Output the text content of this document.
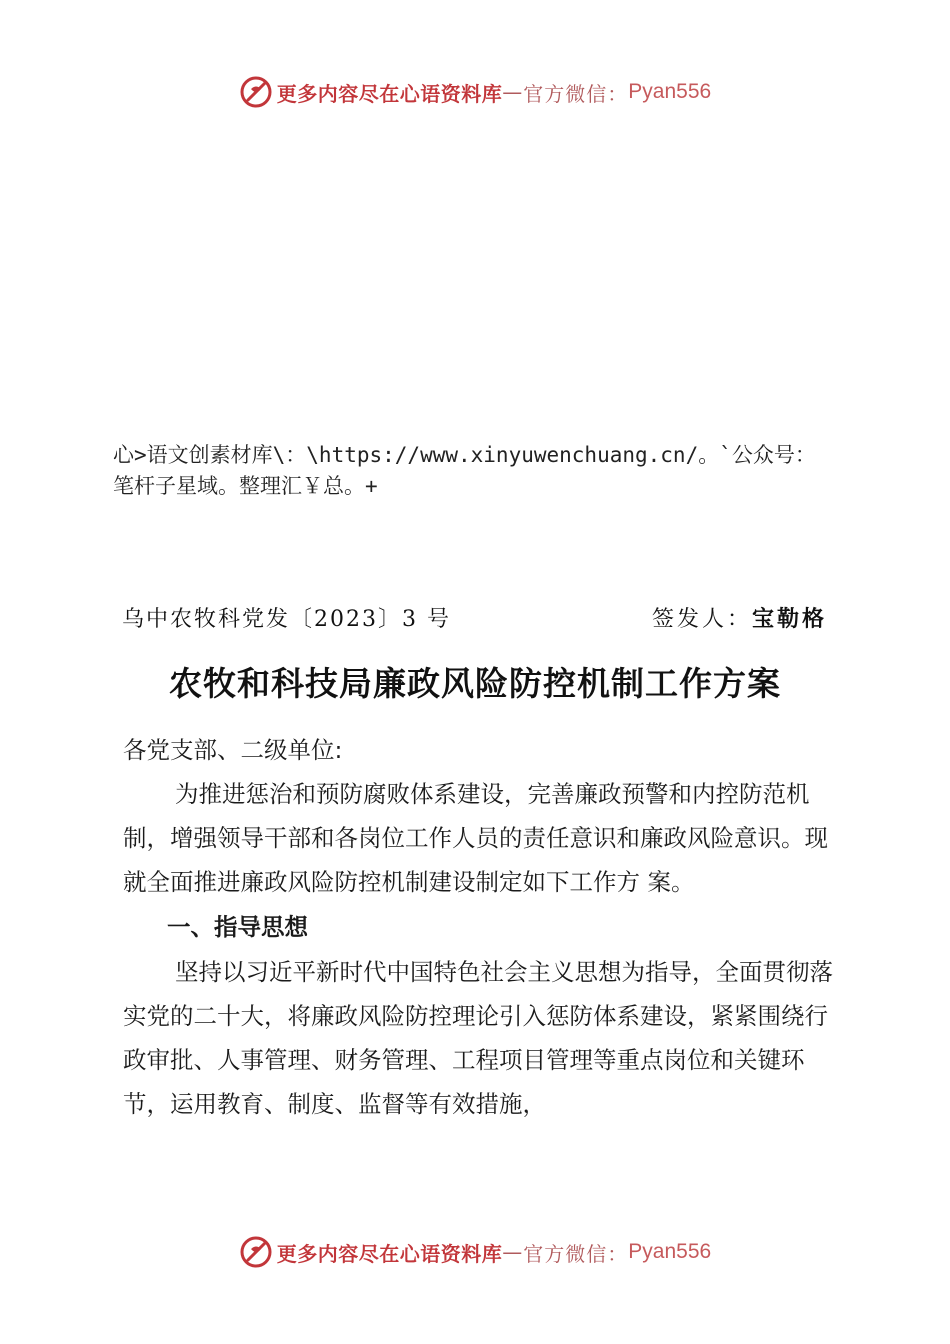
更多内容尽在心语资料库 — 官方微信： Pyan556
心>语文创素材库\：\https://www.xinyuwenchuang.cn/。`公众号：
笔杆子星域。整理汇￥总。+
乌中农牧科党发〔2023〕3 号	签发人：宝勒格
农牧和科技局廉政风险防控机制工作方案

各党支部、二级单位:

为推进惩治和预防腐败体系建设，完善廉政预警和内控防范机制，增强领导干部和各岗位工作人员的责任意识和廉政风险意识。现就全面推进廉政风险防控机制建设制定如下工作方 案。

一、指导思想

坚持以习近平新时代中国特色社会主义思想为指导，全面贯彻落实党的二十大，将廉政风险防控理论引入惩防体系建设，紧紧围绕行政审批、人事管理、财务管理、工程项目管理等重点岗位和关键环节，运用教育、制度、监督等有效措施，

更多内容尽在心语资料库 — 官方微信： Pyan556
